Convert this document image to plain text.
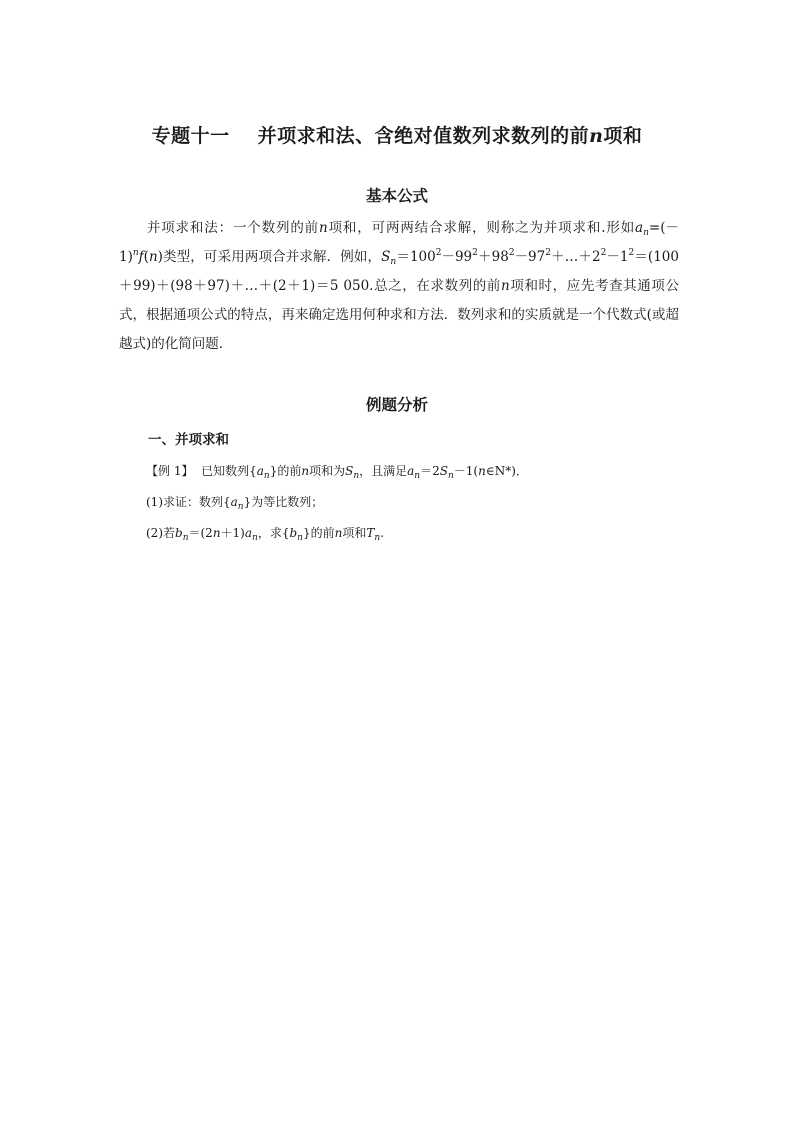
专题十一 并项求和法、含绝对值数列求数列的前n项和
基本公式
并项求和法：一个数列的前n项和，可两两结合求解，则称之为并项求和.形如$a_n=(-1)^nf(n)$类型，可采用两项合并求解．例如，$S_n=100^2-99^2+98^2-97^2+\dots+2^2-1^2=(100+99)+(98+97)+\dots+(2+1)=5$ 050.总之，在求数列的前n项和时，应先考查其通项公式，根据通项公式的特点，再来确定选用何种求和方法．数列求和的实质就是一个代数式(或超越式)的化简问题．
例题分析
一、并项求和
【例 1】 已知数列$\{a_n\}$的前n项和为$S_n$，且满足$a_n=2S_n-1(n\in N*)$．
(1)求证：数列$\{a_n\}$为等比数列；
(2)若$b_n=(2n+1)a_n$，求$\{b_n\}$的前n项和$T_n$.
